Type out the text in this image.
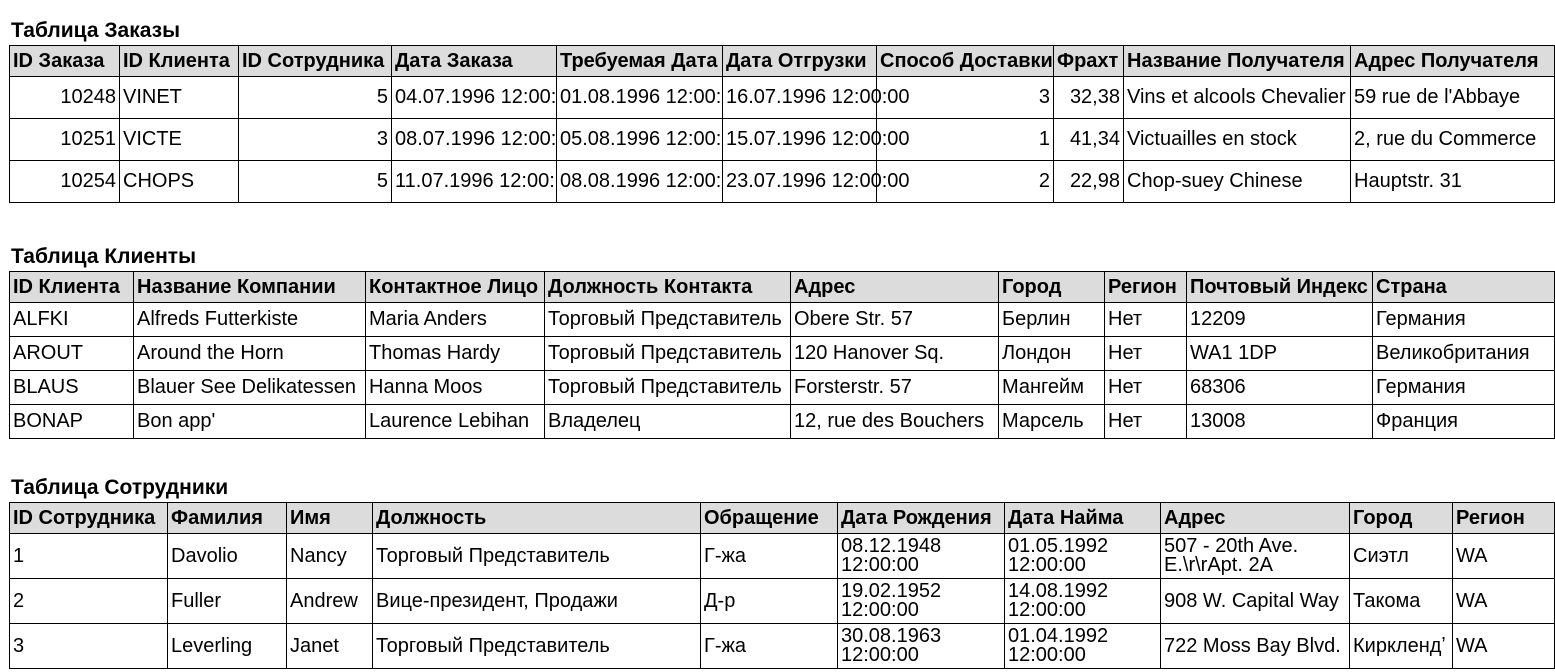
Таблица Заказы
ID Заказа	ID Клиента	ID Сотрудника	Дата Заказа	Требуемая Дата	Дата Отгрузки	Способ Доставки	Фрахт	Название Получателя	Адрес Получателя
10248	VINET	5	04.07.1996 12:00:	01.08.1996 12:00:	16.07.1996 12:00:00	3	32,38	Vins et alcools Chevalier	59 rue de l'Abbaye
10251	VICTE	3	08.07.1996 12:00:	05.08.1996 12:00:	15.07.1996 12:00:00	1	41,34	Victuailles en stock	2, rue du Commerce
10254	CHOPS	5	11.07.1996 12:00:	08.08.1996 12:00:	23.07.1996 12:00:00	2	22,98	Chop-suey Chinese	Hauptstr. 31
Таблица Клиенты
ID Клиента	Название Компании	Контактное Лицо	Должность Контакта	Адрес	Город	Регион	Почтовый Индекс	Страна
ALFKI	Alfreds Futterkiste	Maria Anders	Торговый Представитель	Obere Str. 57	Берлин	Нет	12209	Германия
AROUT	Around the Horn	Thomas Hardy	Торговый Представитель	120 Hanover Sq.	Лондон	Нет	WA1 1DP	Великобритания
BLAUS	Blauer See Delikatessen	Hanna Moos	Торговый Представитель	Forsterstr. 57	Мангейм	Нет	68306	Германия
BONAP	Bon app'	Laurence Lebihan	Владелец	12, rue des Bouchers	Марсель	Нет	13008	Франция
Таблица Сотрудники
ID Сотрудника	Фамилия	Имя	Должность	Обращение	Дата Рождения	Дата Найма	Адрес	Город	Регион
1	Davolio	Nancy	Торговый Представитель	Г-жа	08.12.1948 12:00:00	01.05.1992 12:00:00	507 - 20th Ave. E.\r\rApt. 2A	Сиэтл	WA
2	Fuller	Andrew	Вице-президент, Продажи	Д-р	19.02.1952 12:00:00	14.08.1992 12:00:00	908 W. Capital Way	Такома	WA
3	Leverling	Janet	Торговый Представитель	Г-жа	30.08.1963 12:00:00	01.04.1992 12:00:00	722 Moss Bay Blvd.	Кирклендʼ	WA
